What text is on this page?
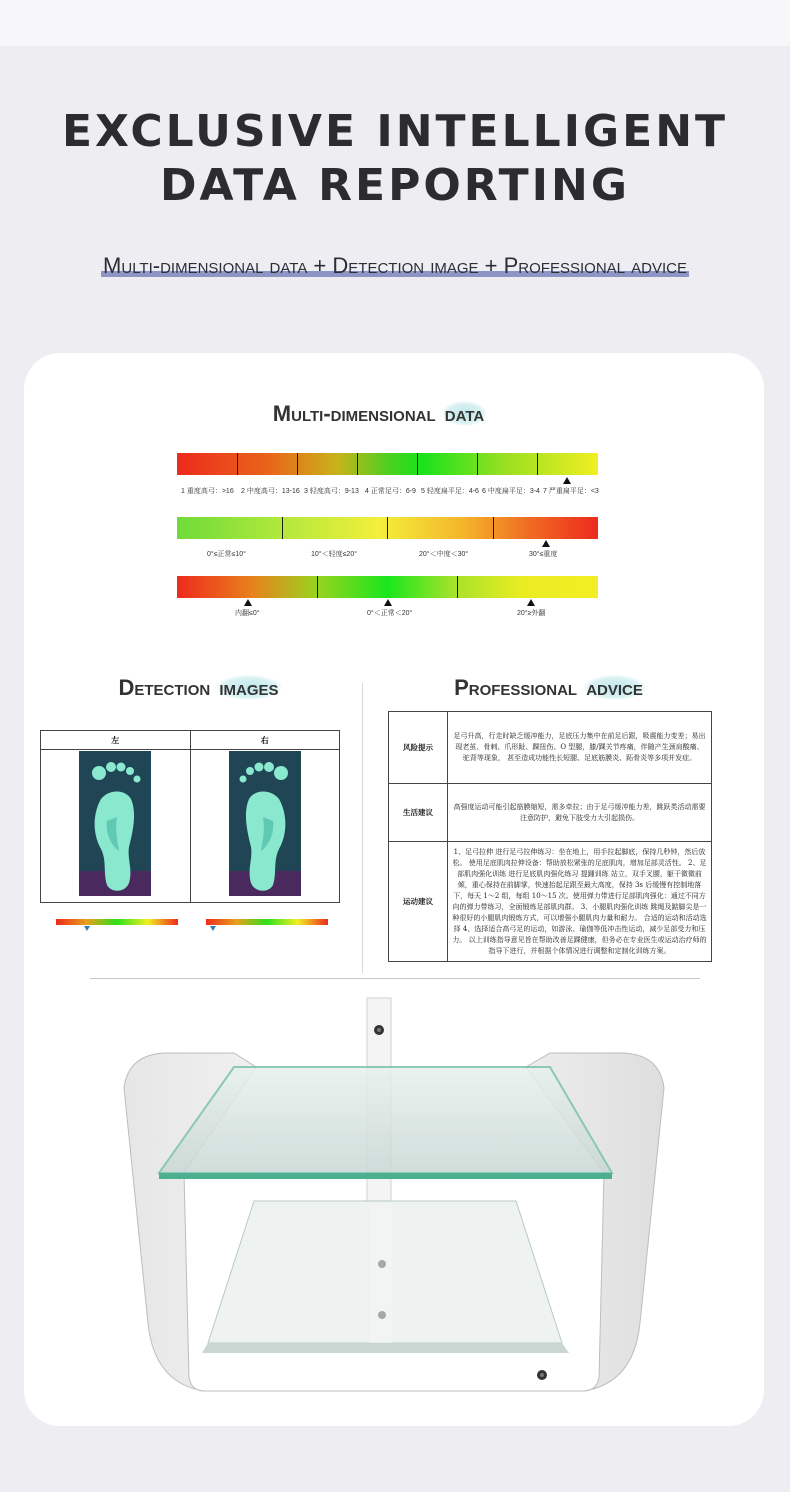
EXCLUSIVE INTELLIGENT
DATA REPORTING
Multi-dimensional data + Detection image + Professional advice
Multi-dimensional data
1 重度高弓：>16 2 中度高弓：13-16 3 轻度高弓：9-13 4 正常足弓：6-9 5 轻度扁平足：4-6 6 中度扁平足：3-4 7 严重扁平足：<3
0°≤正常≤10°	10°＜轻度≤20°	20°＜中度＜30°	30°≤重度
内翻≤0°	0°＜正常＜20°	20°≥外翻
Detection images
左	右

Professional advice
风险提示	足弓升高，行走时缺乏缓冲能力，足底压力集中在前足后跟，吸震能力变差；易出现老茧、骨刺、爪形趾、踝扭伤、O 型腿，膝/踝关节疼痛，伴随产生颈肩酸痛、驼背等现象， 甚至造成功能性长短腿、足底筋膜炎、跖骨炎等多项并发症。
生活建议	高强度运动可能引起筋膜缩短，需多牵拉；由于足弓缓冲能力差，跳跃类活动需要注意防护，避免下肢受力大引起损伤。
运动建议	1、足弓拉伸 进行足弓拉伸练习：坐在地上，用手拉起脚底，保持几秒钟，然后放松。 使用足底肌肉拉伸设备：帮助放松紧张的足底肌肉，增加足部灵活性。 2、足部肌肉强化训练 进行足底肌肉强化练习 提踵训练 站立，双手叉腰，躯干微微前倾，重心保持在前脚掌，快速抬起足跟至最大高度，保持 3s 后缓慢有控制地落下，每天 1～2 组，每组 10～15 次。使用弹力带进行足部肌肉强化：通过不同方向的弹力带练习，全面锻炼足部肌肉群。 3、小腿肌肉强化训练 跳绳及踮脚尖是一种很好的小腿肌肉锻炼方式，可以增强小腿肌肉力量和耐力。 合适的运动和活动选择 4、选择适合高弓足的运动，如游泳、瑜伽等低冲击性运动，减少足部受力和压力。 以上训练指导意见旨在帮助改善足踝健康，但务必在专业医生或运动治疗师的指导下进行，并根据个体情况进行调整和定制化训练方案。
